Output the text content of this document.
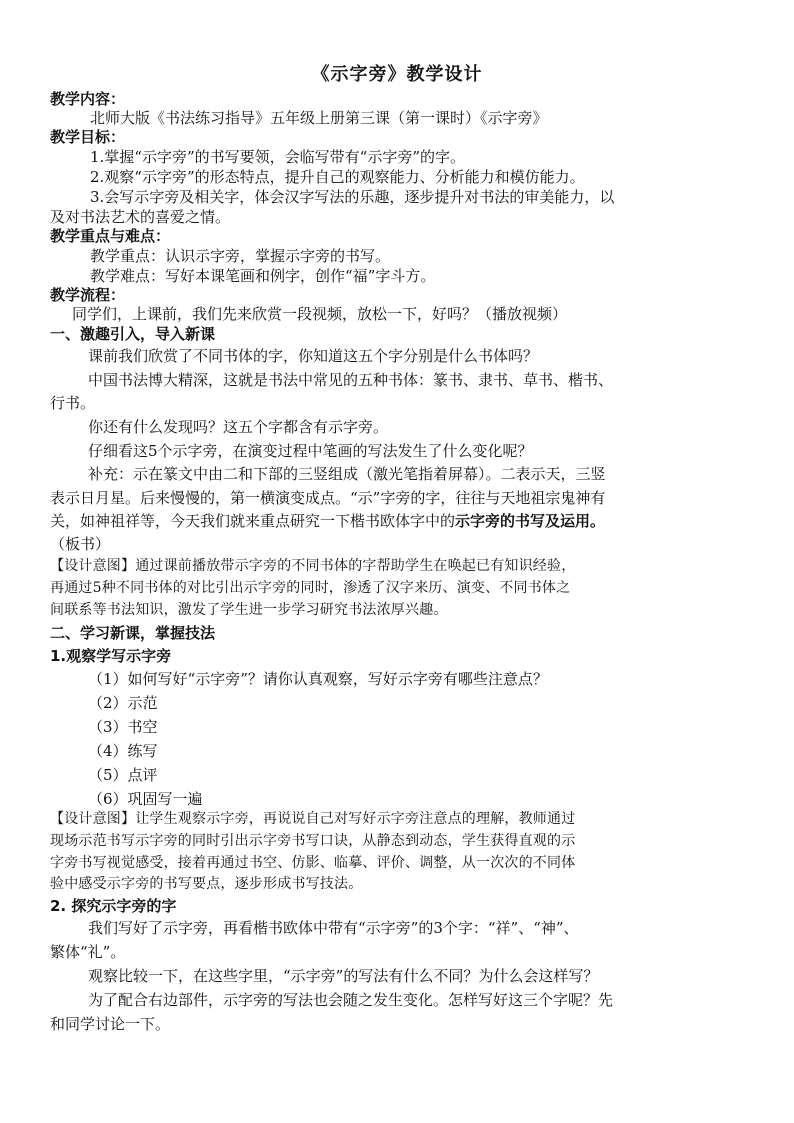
《示字旁》教学设计
教学内容：
北师大版《书法练习指导》五年级上册第三课（第一课时）《示字旁》
教学目标：
1.掌握“示字旁”的书写要领，会临写带有“示字旁”的字。
2.观察“示字旁”的形态特点，提升自己的观察能力、分析能力和模仿能力。
3.会写示字旁及相关字，体会汉字写法的乐趣，逐步提升对书法的审美能力，以
及对书法艺术的喜爱之情。
教学重点与难点：
教学重点：认识示字旁，掌握示字旁的书写。
教学难点：写好本课笔画和例字，创作“福”字斗方。
教学流程：
同学们，上课前，我们先来欣赏一段视频，放松一下，好吗？（播放视频）
一、激趣引入，导入新课
课前我们欣赏了不同书体的字，你知道这五个字分别是什么书体吗？
中国书法博大精深，这就是书法中常见的五种书体：篆书、隶书、草书、楷书、
行书。
你还有什么发现吗？这五个字都含有示字旁。
仔细看这5个示字旁，在演变过程中笔画的写法发生了什么变化呢？
补充：示在篆文中由二和下部的三竖组成（激光笔指着屏幕）。二表示天，三竖
表示日月星。后来慢慢的，第一横演变成点。“示”字旁的字，往往与天地祖宗鬼神有
关，如神祖祥等，今天我们就来重点研究一下楷书欧体字中的示字旁的书写及运用。
（板书）
【设计意图】通过课前播放带示字旁的不同书体的字帮助学生在唤起已有知识经验，
再通过5种不同书体的对比引出示字旁的同时，渗透了汉字来历、演变、不同书体之
间联系等书法知识，激发了学生进一步学习研究书法浓厚兴趣。
二、学习新课，掌握技法
1.观察学写示字旁
（1）如何写好“示字旁”？请你认真观察，写好示字旁有哪些注意点？
（2）示范
（3）书空
（4）练写
（5）点评
（6）巩固写一遍
【设计意图】让学生观察示字旁，再说说自己对写好示字旁注意点的理解，教师通过
现场示范书写示字旁的同时引出示字旁书写口诀，从静态到动态，学生获得直观的示
字旁书写视觉感受，接着再通过书空、仿影、临摹、评价、调整，从一次次的不同体
验中感受示字旁的书写要点，逐步形成书写技法。
2. 探究示字旁的字
我们写好了示字旁，再看楷书欧体中带有“示字旁”的3个字：“祥”、“神”、
繁体“礼”。
观察比较一下，在这些字里，“示字旁”的写法有什么不同？为什么会这样写？
为了配合右边部件，示字旁的写法也会随之发生变化。怎样写好这三个字呢？先
和同学讨论一下。
